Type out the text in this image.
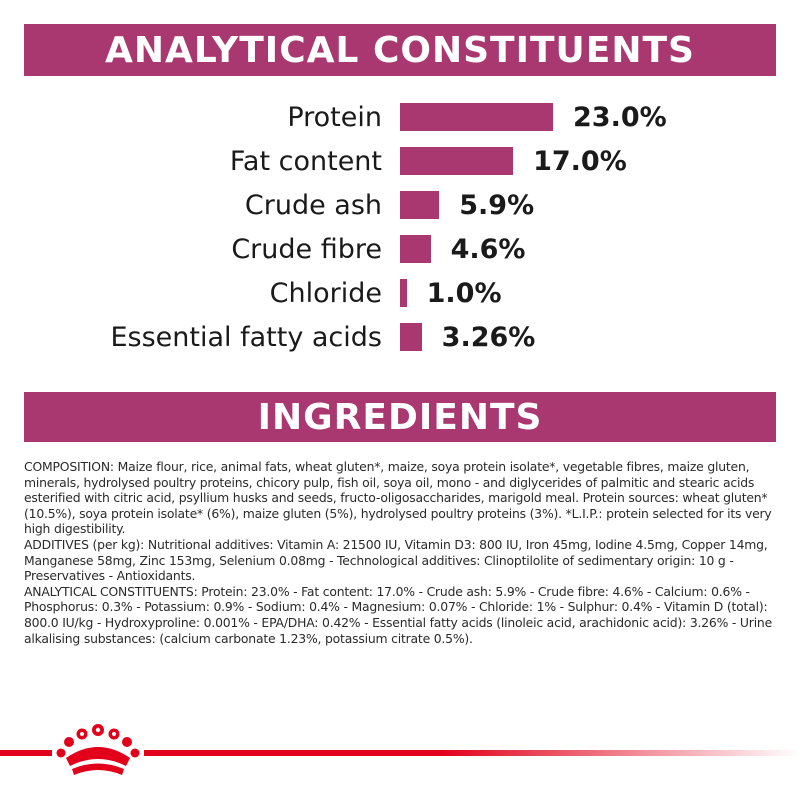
ANALYTICAL CONSTITUENTS
Protein	23.0%
Fat content	17.0%
Crude ash	5.9%
Crude fibre	4.6%
Chloride 1.0%
Essential fatty acids 3.26%
INGREDIENTS

COMPOSITION: Maize flour, rice, animal fats, wheat gluten*, maize, soya protein isolate*, vegetable fibres, maize gluten, minerals, hydrolysed poultry proteins, chicory pulp, fish oil, soya oil, mono - and diglycerides of palmitic and stearic acids esterified with citric acid, psyllium husks and seeds, fructo-oligosaccharides, marigold meal. Protein sources: wheat gluten* (10.5%), soya protein isolate* (6%), maize gluten (5%), hydrolysed poultry proteins (3%). *L.I.P.: protein selected for its very high digestibility.

ADDITIVES (per kg): Nutritional additives: Vitamin A: 21500 IU, Vitamin D3: 800 IU, Iron 45mg, Iodine 4.5mg, Copper 14mg, Manganese 58mg, Zinc 153mg, Selenium 0.08mg - Technological additives: Clinoptilolite of sedimentary origin: 10 g - Preservatives - Antioxidants.

ANALYTICAL CONSTITUENTS: Protein: 23.0% - Fat content: 17.0% - Crude ash: 5.9% - Crude fibre: 4.6% - Calcium: 0.6% - Phosphorus: 0.3% - Potassium: 0.9% - Sodium: 0.4% - Magnesium: 0.07% - Chloride: 1% - Sulphur: 0.4% - Vitamin D (total): 800.0 IU/kg - Hydroxyproline: 0.001% - EPA/DHA: 0.42% - Essential fatty acids (linoleic acid, arachidonic acid): 3.26% - Urine alkalising substances: (calcium carbonate 1.23%, potassium citrate 0.5%).
